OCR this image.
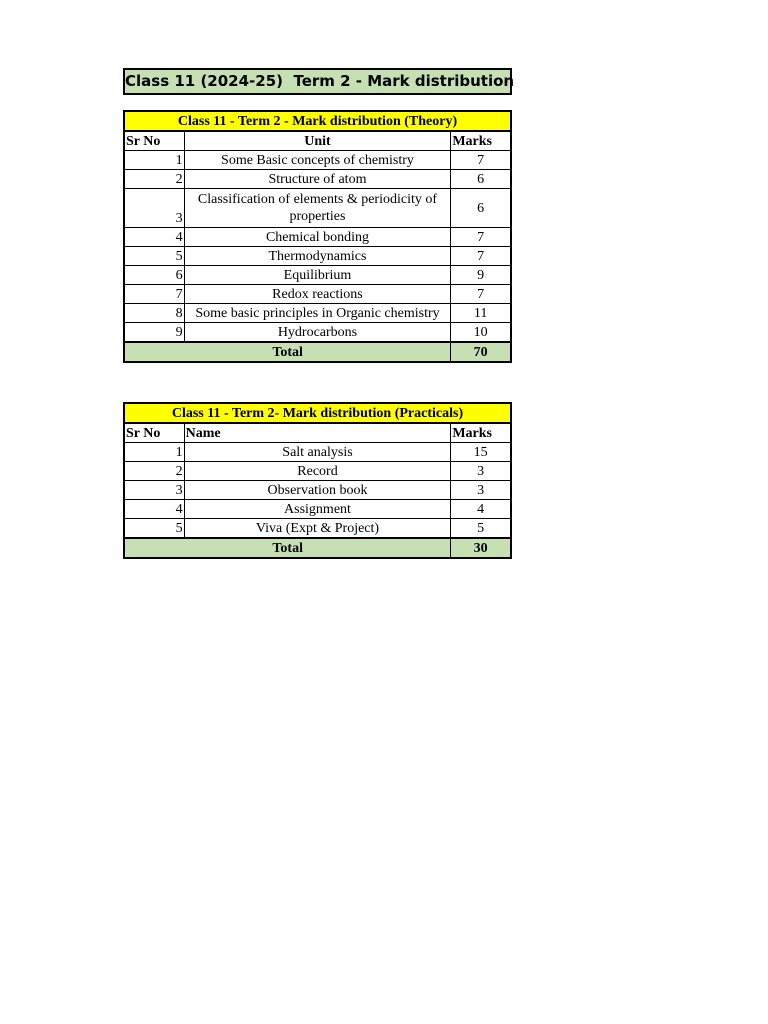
Class 11 (2024-25)  Term 2 - Mark distribution
Class 11 - Term 2 - Mark distribution (Theory)		
Sr No	Unit	Marks
1	Some Basic concepts of chemistry	7
2	Structure of atom	6
3	Classification of elements & periodicity of properties	6
4	Chemical bonding	7
5	Thermodynamics	7
6	Equilibrium	9
7	Redox reactions	7
8	Some basic principles in Organic chemistry	11
9	Hydrocarbons	10
Total		70
Class 11 - Term 2- Mark distribution (Practicals)		
Sr No	Name	Marks
1	Salt analysis	15
2	Record	3
3	Observation book	3
4	Assignment	4
5	Viva (Expt & Project)	5
Total		30
